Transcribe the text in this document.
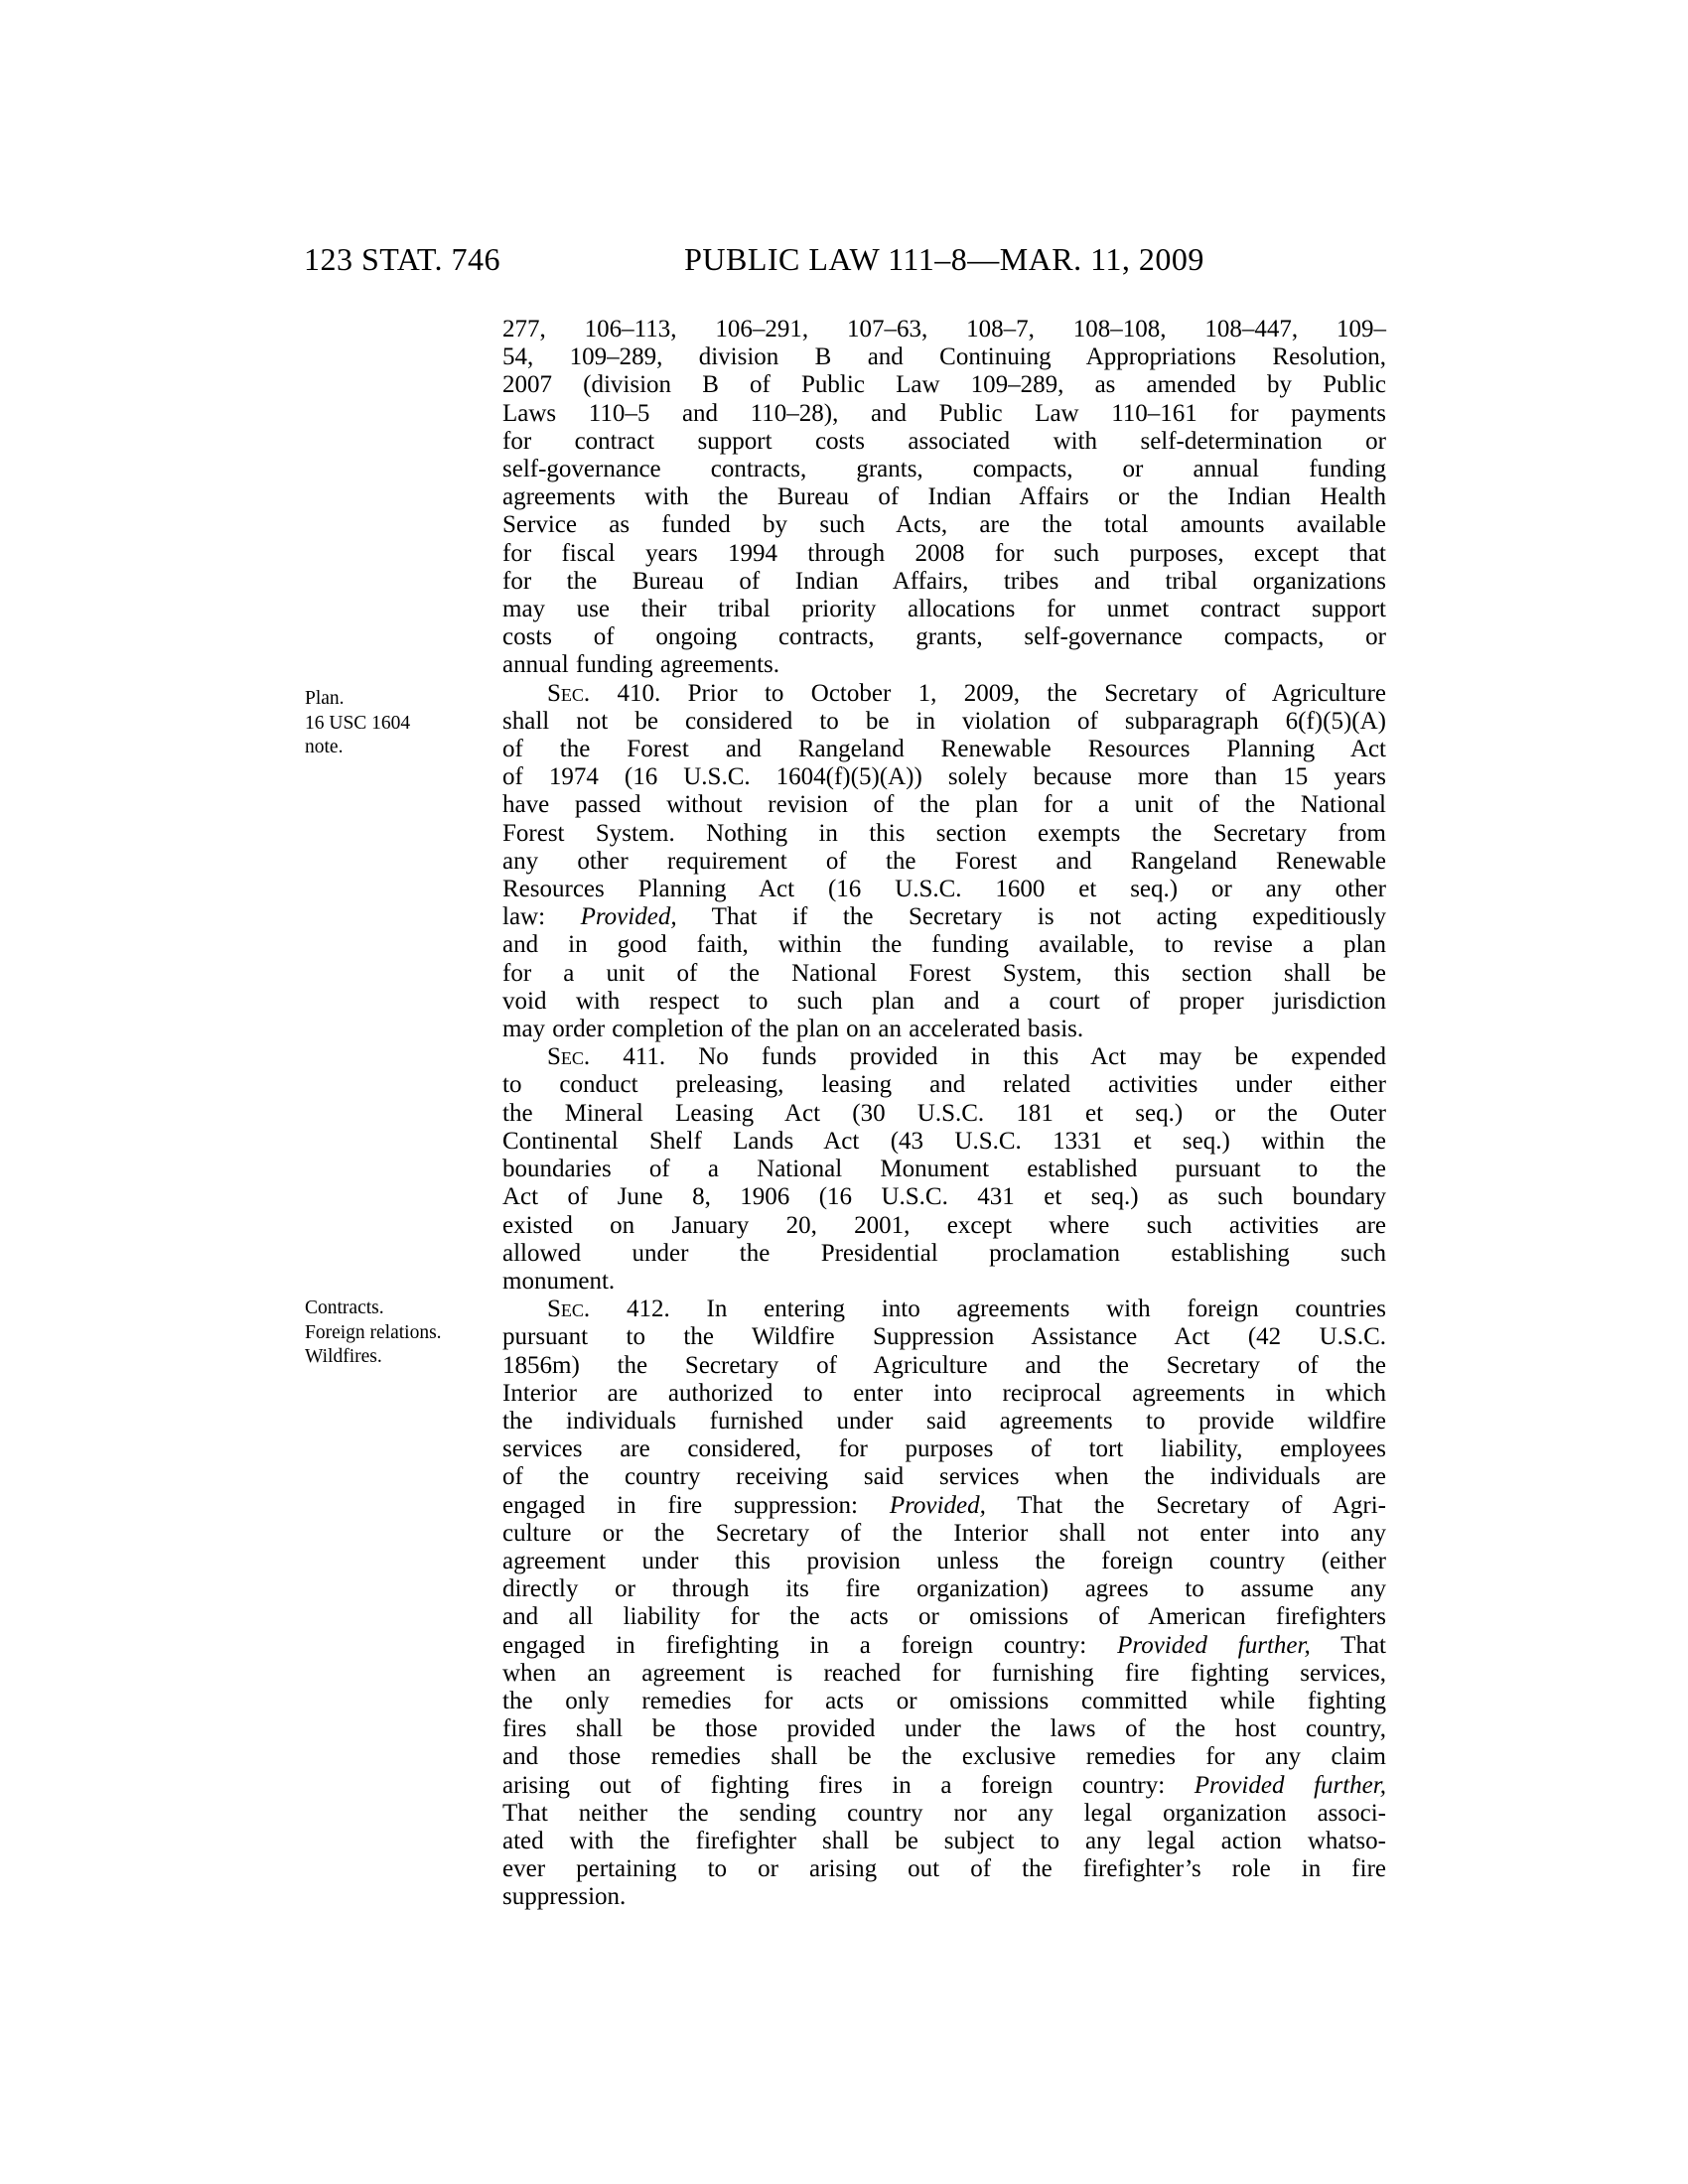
123 STAT. 746	PUBLIC LAW 111–8—MAR. 11, 2009
Plan.
16 USC 1604
note.
Contracts.
Foreign relations.
Wildfires.
277, 106–113, 106–291, 107–63, 108–7, 108–108, 108–447, 109–
54, 109–289, division B and Continuing Appropriations Resolution,
2007 (division B of Public Law 109–289, as amended by Public
Laws 110–5 and 110–28), and Public Law 110–161 for payments
for contract support costs associated with self-determination or
self-governance contracts, grants, compacts, or annual funding
agreements with the Bureau of Indian Affairs or the Indian Health
Service as funded by such Acts, are the total amounts available
for fiscal years 1994 through 2008 for such purposes, except that
for the Bureau of Indian Affairs, tribes and tribal organizations
may use their tribal priority allocations for unmet contract support
costs of ongoing contracts, grants, self-governance compacts, or
annual funding agreements.
Sec. 410. Prior to October 1, 2009, the Secretary of Agriculture
shall not be considered to be in violation of subparagraph 6(f)(5)(A)
of the Forest and Rangeland Renewable Resources Planning Act
of 1974 (16 U.S.C. 1604(f)(5)(A)) solely because more than 15 years
have passed without revision of the plan for a unit of the National
Forest System. Nothing in this section exempts the Secretary from
any other requirement of the Forest and Rangeland Renewable
Resources Planning Act (16 U.S.C. 1600 et seq.) or any other
law: Provided, That if the Secretary is not acting expeditiously
and in good faith, within the funding available, to revise a plan
for a unit of the National Forest System, this section shall be
void with respect to such plan and a court of proper jurisdiction
may order completion of the plan on an accelerated basis.
Sec. 411. No funds provided in this Act may be expended
to conduct preleasing, leasing and related activities under either
the Mineral Leasing Act (30 U.S.C. 181 et seq.) or the Outer
Continental Shelf Lands Act (43 U.S.C. 1331 et seq.) within the
boundaries of a National Monument established pursuant to the
Act of June 8, 1906 (16 U.S.C. 431 et seq.) as such boundary
existed on January 20, 2001, except where such activities are
allowed under the Presidential proclamation establishing such
monument.
Sec. 412. In entering into agreements with foreign countries
pursuant to the Wildfire Suppression Assistance Act (42 U.S.C.
1856m) the Secretary of Agriculture and the Secretary of the
Interior are authorized to enter into reciprocal agreements in which
the individuals furnished under said agreements to provide wildfire
services are considered, for purposes of tort liability, employees
of the country receiving said services when the individuals are
engaged in fire suppression: Provided, That the Secretary of Agri-
culture or the Secretary of the Interior shall not enter into any
agreement under this provision unless the foreign country (either
directly or through its fire organization) agrees to assume any
and all liability for the acts or omissions of American firefighters
engaged in firefighting in a foreign country: Provided further, That
when an agreement is reached for furnishing fire fighting services,
the only remedies for acts or omissions committed while fighting
fires shall be those provided under the laws of the host country,
and those remedies shall be the exclusive remedies for any claim
arising out of fighting fires in a foreign country: Provided further,
That neither the sending country nor any legal organization associ-
ated with the firefighter shall be subject to any legal action whatso-
ever pertaining to or arising out of the firefighter’s role in fire
suppression.
